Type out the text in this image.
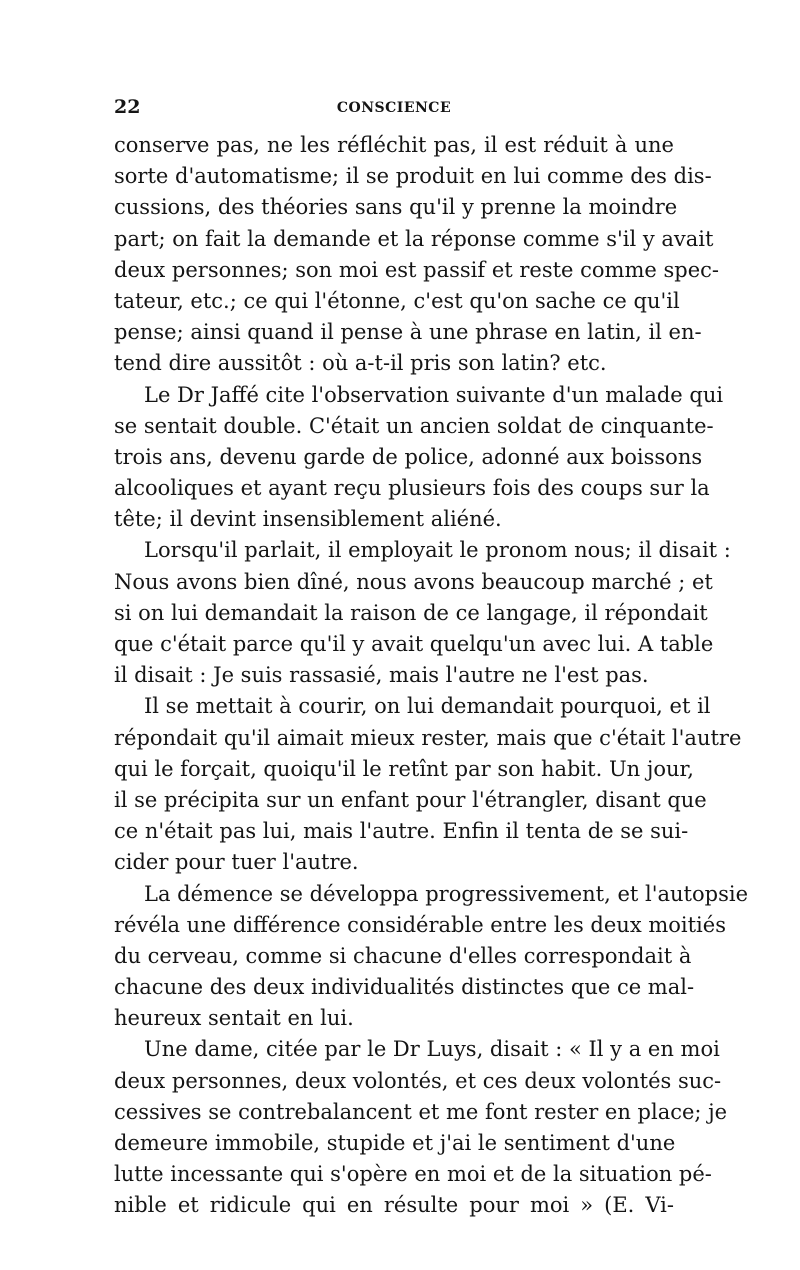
22	CONSCIENCE
conserve pas, ne les réfléchit pas, il est réduit à une
sorte d'automatisme; il se produit en lui comme des dis-
cussions, des théories sans qu'il y prenne la moindre
part; on fait la demande et la réponse comme s'il y avait
deux personnes; son moi est passif et reste comme spec-
tateur, etc.; ce qui l'étonne, c'est qu'on sache ce qu'il
pense; ainsi quand il pense à une phrase en latin, il en-
tend dire aussitôt : où a-t-il pris son latin? etc.
Le Dr Jaffé cite l'observation suivante d'un malade qui
se sentait double. C'était un ancien soldat de cinquante-
trois ans, devenu garde de police, adonné aux boissons
alcooliques et ayant reçu plusieurs fois des coups sur la
tête; il devint insensiblement aliéné.
Lorsqu'il parlait, il employait le pronom nous; il disait :
Nous avons bien dîné, nous avons beaucoup marché ; et
si on lui demandait la raison de ce langage, il répondait
que c'était parce qu'il y avait quelqu'un avec lui. A table
il disait : Je suis rassasié, mais l'autre ne l'est pas.
Il se mettait à courir, on lui demandait pourquoi, et il
répondait qu'il aimait mieux rester, mais que c'était l'autre
qui le forçait, quoiqu'il le retînt par son habit. Un jour,
il se précipita sur un enfant pour l'étrangler, disant que
ce n'était pas lui, mais l'autre. Enfin il tenta de se sui-
cider pour tuer l'autre.
La démence se développa progressivement, et l'autopsie
révéla une différence considérable entre les deux moitiés
du cerveau, comme si chacune d'elles correspondait à
chacune des deux individualités distinctes que ce mal-
heureux sentait en lui.
Une dame, citée par le Dr Luys, disait : « Il y a en moi
deux personnes, deux volontés, et ces deux volontés suc-
cessives se contrebalancent et me font rester en place; je
demeure immobile, stupide et j'ai le sentiment d'une
lutte incessante qui s'opère en moi et de la situation pé-
nible et ridicule qui en résulte pour moi » (E. Vi-
